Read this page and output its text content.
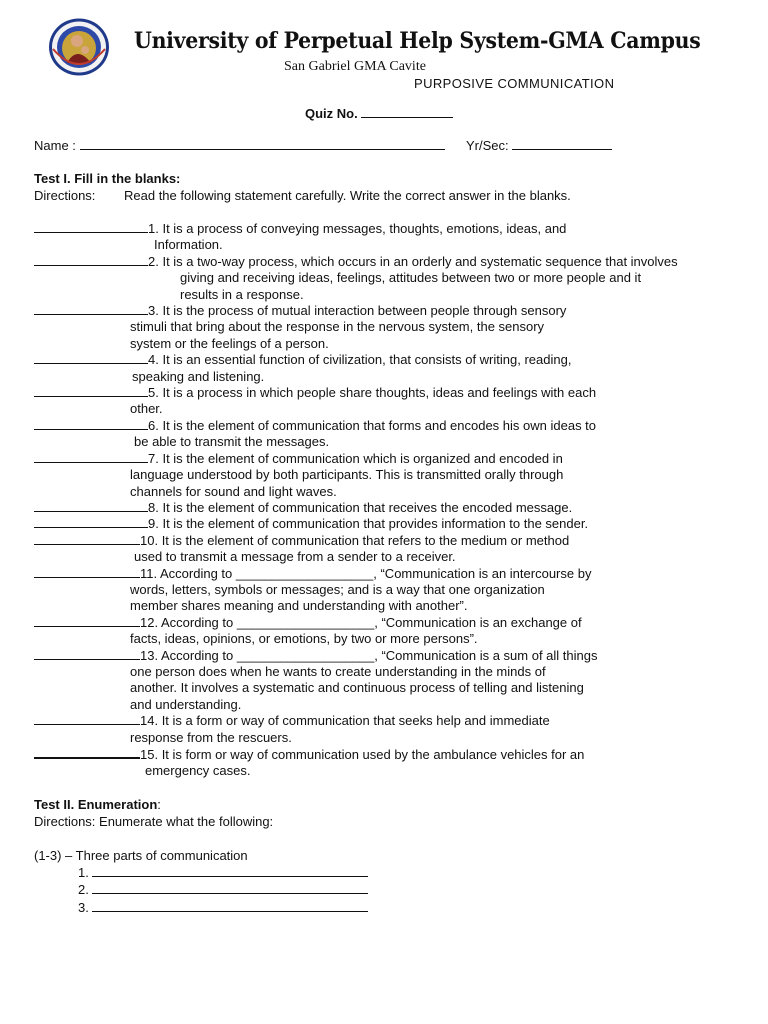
University of Perpetual Help System-GMA Campus
San Gabriel GMA Cavite
PURPOSIVE COMMUNICATION
Quiz No.
Name :	Yr/Sec:
Test I. Fill in the blanks:
Directions: Read the following statement carefully. Write the correct answer in the blanks.
1. It is a process of conveying messages, thoughts, emotions, ideas, and
Information.
2. It is a two-way process, which occurs in an orderly and systematic sequence that involves
giving and receiving ideas, feelings, attitudes between two or more people and it
results in a response.
3. It is the process of mutual interaction between people through sensory
stimuli that bring about the response in the nervous system, the sensory
system or the feelings of a person.
4. It is an essential function of civilization, that consists of writing, reading,
speaking and listening.
5. It is a process in which people share thoughts, ideas and feelings with each
other.
6. It is the element of communication that forms and encodes his own ideas to
be able to transmit the messages.
7. It is the element of communication which is organized and encoded in
language understood by both participants. This is transmitted orally through
channels for sound and light waves.
8. It is the element of communication that receives the encoded message.
9. It is the element of communication that provides information to the sender.
10. It is the element of communication that refers to the medium or method
used to transmit a message from a sender to a receiver.
11. According to ___________________, “Communication is an intercourse by
words, letters, symbols or messages; and is a way that one organization
member shares meaning and understanding with another”.
12. According to ___________________, “Communication is an exchange of
facts, ideas, opinions, or emotions, by two or more persons”.
13. According to ___________________, “Communication is a sum of all things
one person does when he wants to create understanding in the minds of
another. It involves a systematic and continuous process of telling and listening
and understanding.
14. It is a form or way of communication that seeks help and immediate
response from the rescuers.
15. It is form or way of communication used by the ambulance vehicles for an
emergency cases.
Test II. Enumeration:
Directions: Enumerate what the following:
(1-3) – Three parts of communication
1.
2.
3.
